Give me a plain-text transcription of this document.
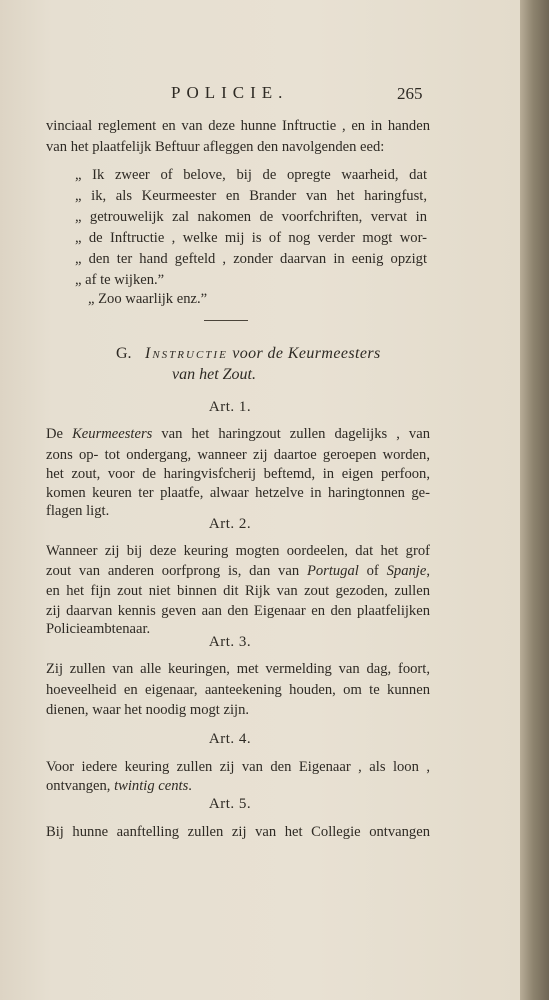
POLICIE.	265
vinciaal reglement en van deze hunne Inftructie , en in handen
van het plaatfelijk Beftuur afleggen den navolgenden eed:
„ Ik zweer of belove, bij de opregte waarheid, dat
„ ik, als Keurmeester en Brander van het haringfust,
„ getrouwelijk zal nakomen de voorfchriften, vervat in
„ de Inftructie , welke mij is of nog verder mogt wor-
„ den ter hand gefteld , zonder daarvan in eenig opzigt
„ af te wijken.”
„ Zoo waarlijk enz.”
G. Instructie voor de Keurmeesters
van het Zout.
Art. 1.
De Keurmeesters van het haringzout zullen dagelijks , van
zons op- tot ondergang, wanneer zij daartoe geroepen worden,
het zout, voor de haringvisfcherij beftemd, in eigen perfoon,
komen keuren ter plaatfe, alwaar hetzelve in haringtonnen ge-
flagen ligt.
Art. 2.
Wanneer zij bij deze keuring mogten oordeelen, dat het grof
zout van anderen oorfprong is, dan van Portugal of Spanje,
en het fijn zout niet binnen dit Rijk van zout gezoden, zullen
zij daarvan kennis geven aan den Eigenaar en den plaatfelijken
Policieambtenaar.
Art. 3.
Zij zullen van alle keuringen, met vermelding van dag, foort,
hoeveelheid en eigenaar, aanteekening houden, om te kunnen
dienen, waar het noodig mogt zijn.
Art. 4.
Voor iedere keuring zullen zij van den Eigenaar , als loon ,
ontvangen, twintig cents.
Art. 5.
Bij hunne aanftelling zullen zij van het Collegie ontvangen
